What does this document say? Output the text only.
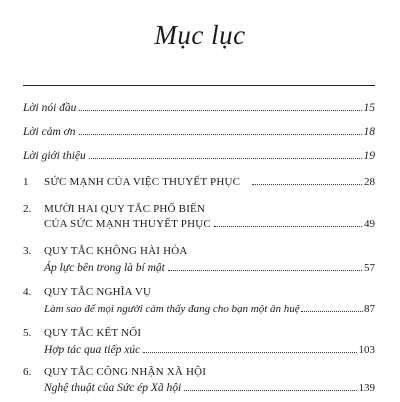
Mục lục
Lời nói đầu	15
Lời cảm ơn	18
Lời giới thiệu	19
1	SỨC MẠNH CỦA VIỆC THUYẾT PHỤC	28
2.	MƯỜI HAI QUY TẮC PHỔ BIẾN
CỦA SỨC MẠNH THUYẾT PHỤC	49
3.	QUY TẮC KHÔNG HÀI HÒA
Áp lực bên trong là bí mật	57
4.	QUY TẮC NGHĨA VỤ
Làm sao để mọi người cảm thấy đang cho bạn một ân huệ	87
5.	QUY TẮC KẾT NỐI
Hợp tác qua tiếp xúc	103
6.	QUY TẮC CÔNG NHẬN XÃ HỘI
Nghệ thuật của Sức ép Xã hội	139
